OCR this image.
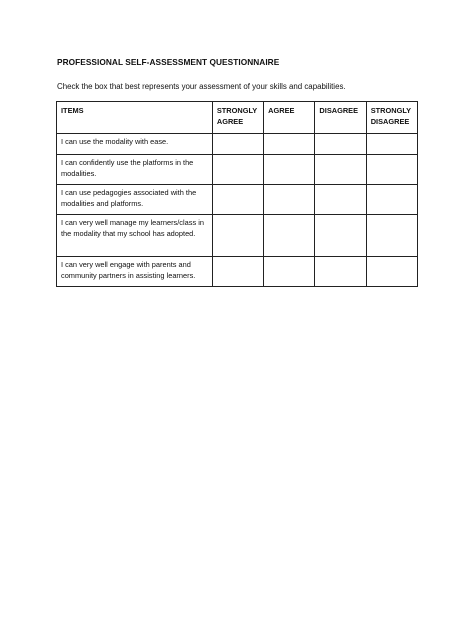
PROFESSIONAL SELF-ASSESSMENT QUESTIONNAIRE
Check the box that best represents your assessment of your skills and capabilities.
ITEMS	STRONGLY AGREE	AGREE	DISAGREE	STRONGLY DISAGREE
I can use the modality with ease.				
I can confidently use the platforms in the modalities.				
I can use pedagogies associated with the modalities and platforms.				
I can very well manage my learners/class in the modality that my school has adopted.				
I can very well engage with parents and community partners in assisting learners.				
